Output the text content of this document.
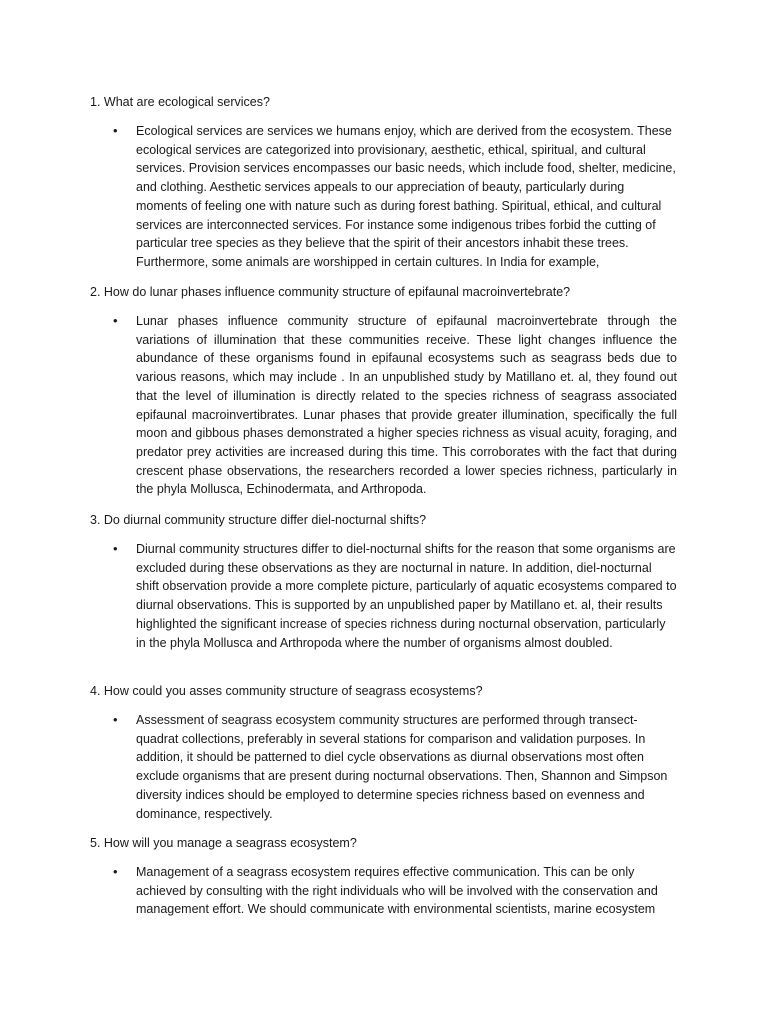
1. What are ecological services?

• Ecological services are services we humans enjoy, which are derived from the ecosystem. These ecological services are categorized into provisionary, aesthetic, ethical, spiritual, and cultural services. Provision services encompasses our basic needs, which include food, shelter, medicine, and clothing. Aesthetic services appeals to our appreciation of beauty, particularly during moments of feeling one with nature such as during forest bathing. Spiritual, ethical, and cultural services are interconnected services. For instance some indigenous tribes forbid the cutting of particular tree species as they believe that the spirit of their ancestors inhabit these trees. Furthermore, some animals are worshipped in certain cultures. In India for example,

2. How do lunar phases influence community structure of epifaunal macroinvertebrate?

• Lunar phases influence community structure of epifaunal macroinvertebrate through the variations of illumination that these communities receive. These light changes influence the abundance of these organisms found in epifaunal ecosystems such as seagrass beds due to various reasons, which may include . In an unpublished study by Matillano et. al, they found out that the level of illumination is directly related to the species richness of seagrass associated epifaunal macroinvertibrates. Lunar phases that provide greater illumination, specifically the full moon and gibbous phases demonstrated a higher species richness as visual acuity, foraging, and predator prey activities are increased during this time. This corroborates with the fact that during crescent phase observations, the researchers recorded a lower species richness, particularly in the phyla Mollusca, Echinodermata, and Arthropoda.

3. Do diurnal community structure differ diel-nocturnal shifts?

• Diurnal community structures differ to diel-nocturnal shifts for the reason that some organisms are excluded during these observations as they are nocturnal in nature. In addition, diel-nocturnal shift observation provide a more complete picture, particularly of aquatic ecosystems compared to diurnal observations. This is supported by an unpublished paper by Matillano et. al, their results highlighted the significant increase of species richness during nocturnal observation, particularly in the phyla Mollusca and Arthropoda where the number of organisms almost doubled.

4. How could you asses community structure of seagrass ecosystems?

• Assessment of seagrass ecosystem community structures are performed through transect-quadrat collections, preferably in several stations for comparison and validation purposes. In addition, it should be patterned to diel cycle observations as diurnal observations most often exclude organisms that are present during nocturnal observations. Then, Shannon and Simpson diversity indices should be employed to determine species richness based on evenness and dominance, respectively.

5. How will you manage a seagrass ecosystem?

• Management of a seagrass ecosystem requires effective communication. This can be only achieved by consulting with the right individuals who will be involved with the conservation and management effort. We should communicate with environmental scientists, marine ecosystem
